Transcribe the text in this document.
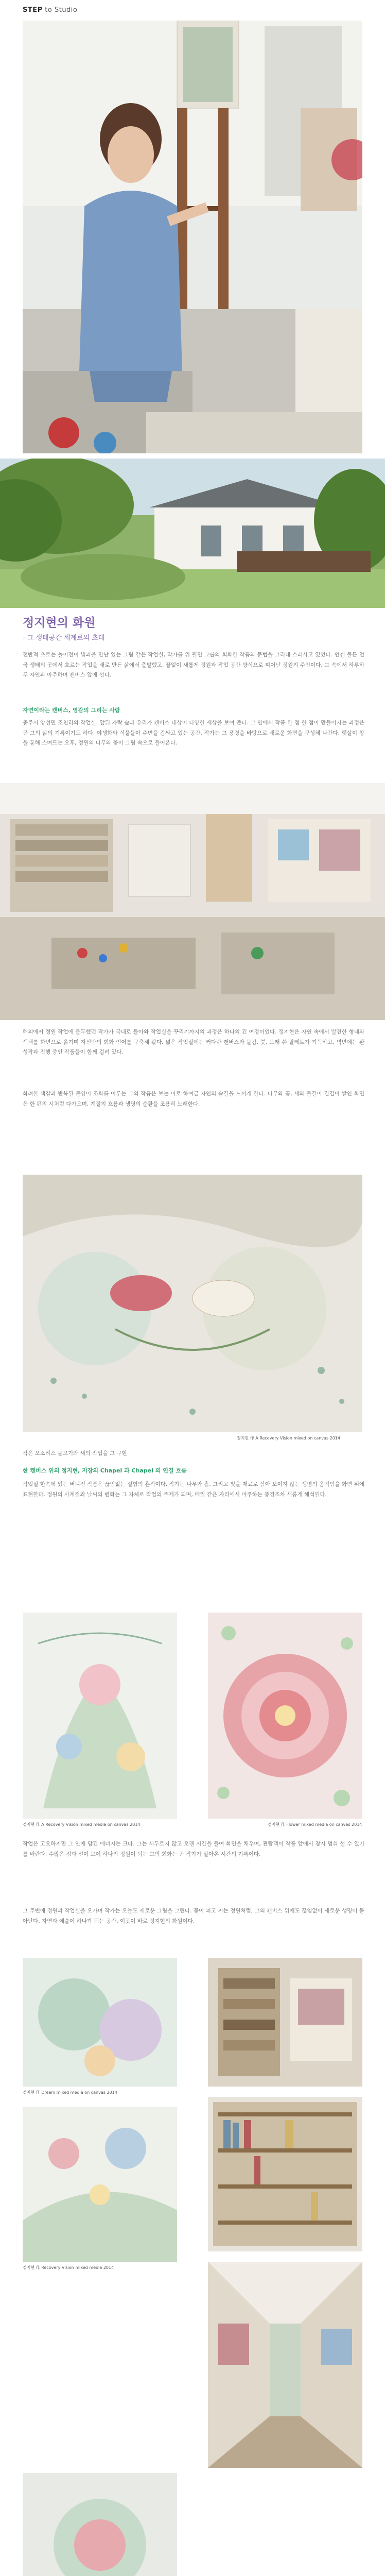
STEP to Studio
정지현의 화원
- 그 생태공간 세계로의 초대

전반적 초로는 놀이전이 빛과을 만난 있는 그림 같은 작업실, 작가를 위 필면 그룹의 회화한 작품의 문법을 그리내 스러사고 있었다. 언젠 물든 전국 생태의 곳에서 흐르는 작업을 새로 만든 삶에서 출발했고, 끝없이 새롭게 정원과 작업 공간 방식으로 피어난 정원의 주인이다. 그 속에서 하루하루 자연과 마주하며 캔버스 앞에 선다.

자연이라는 캔버스, 영감의 그리는 사람

충주시 앙성면 조천리의 작업실. 앞뒤 자락 숲과 유리가 캔버스 대상이 다양한 세상을 보여 준다. 그 안에서 작품 한 점 한 점이 만들어지는 과정은 곧 그의 삶의 기록이기도 하다. 야생화와 식물들이 주변을 감싸고 있는 공간, 작가는 그 풍경을 바탕으로 새로운 화면을 구성해 나간다. 햇살이 창을 통해 스며드는 오후, 정원의 나무와 꽃이 그림 속으로 들어온다.

해외에서 정원 작업에 몰두했던 작가가 국내로 돌아와 작업실을 꾸리기까지의 과정은 하나의 긴 여정이었다. 정지현은 자연 속에서 발견한 형태와 색채를 화면으로 옮기며 자신만의 회화 언어를 구축해 왔다. 넓은 작업실에는 커다란 캔버스와 물감, 붓, 오래 쓴 팔레트가 가득하고, 벽면에는 완성작과 진행 중인 작품들이 함께 걸려 있다.

화려한 색감과 반복된 문양이 조화를 이루는 그의 작품은 보는 이로 하여금 자연의 숨결을 느끼게 한다. 나무와 꽃, 새와 물결이 겹겹이 쌓인 화면은 한 편의 시처럼 다가오며, 계절의 흐름과 생명의 순환을 조용히 노래한다.

정지현 作 A Recovery Vision mixed on canvas 2014

작은 오소리스 물고기와 새의 작업을 그 구현

한 캔버스 위의 정지현, 저장의 Chapel 과 Chapel 의 연결 흐름

작업실 한쪽에 있는 버니전 작품은 끊임없는 실험의 흔적이다. 작가는 나무와 흙, 그리고 빛을 재료로 삼아 보이지 않는 생명의 움직임을 화면 위에 표현한다. 정원의 사계절과 날씨의 변화는 그 자체로 작업의 주제가 되며, 매일 같은 자리에서 마주하는 풍경조차 새롭게 해석된다.

정지현 作 A Recovery Vision mixed media on canvas 2014	정지현 作 Flower mixed media on canvas 2014

작업은 고요하지만 그 안에 담긴 에너지는 크다. 그는 서두르지 않고 오랜 시간을 들여 화면을 채우며, 관람객이 작품 앞에서 잠시 멈춰 설 수 있기를 바란다. 수많은 점과 선이 모여 하나의 정원이 되는 그의 회화는 곧 작가가 살아온 시간의 기록이다.

그 주변에 정원과 작업실을 오가며 작가는 오늘도 새로운 그림을 그린다. 꽃이 피고 지는 정원처럼, 그의 캔버스 위에도 끊임없이 새로운 생명이 돋아난다. 자연과 예술이 하나가 되는 공간, 이곳이 바로 정지현의 화원이다.

정지현 作 Dream mixed media on canvas 2014
정지현 作 Recovery Vision mixed media 2014
